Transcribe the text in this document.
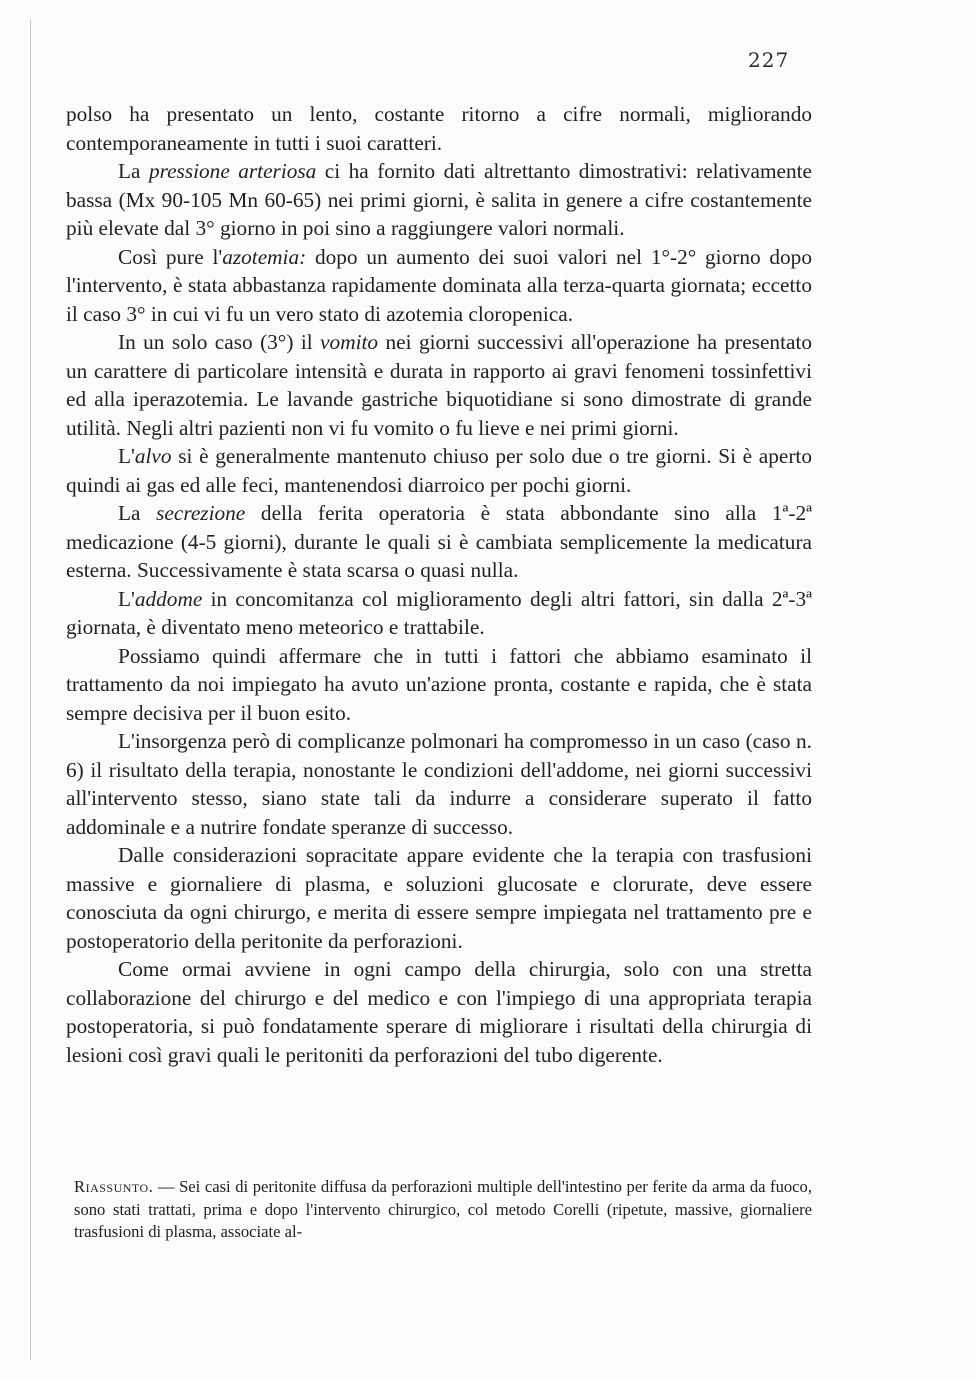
227

polso ha presentato un lento, costante ritorno a cifre normali, migliorando contemporaneamente in tutti i suoi caratteri.

La pressione arteriosa ci ha fornito dati altrettanto dimostrativi: relativamente bassa (Mx 90-105 Mn 60-65) nei primi giorni, è salita in genere a cifre costantemente più elevate dal 3° giorno in poi sino a raggiungere valori normali.

Così pure l'azotemia: dopo un aumento dei suoi valori nel 1°-2° giorno dopo l'intervento, è stata abbastanza rapidamente dominata alla terza-quarta giornata; eccetto il caso 3° in cui vi fu un vero stato di azotemia cloropenica.

In un solo caso (3°) il vomito nei giorni successivi all'operazione ha presentato un carattere di particolare intensità e durata in rapporto ai gravi fenomeni tossinfettivi ed alla iperazotemia. Le lavande gastriche biquotidiane si sono dimostrate di grande utilità. Negli altri pazienti non vi fu vomito o fu lieve e nei primi giorni.

L'alvo si è generalmente mantenuto chiuso per solo due o tre giorni. Si è aperto quindi ai gas ed alle feci, mantenendosi diarroico per pochi giorni.

La secrezione della ferita operatoria è stata abbondante sino alla 1ª-2ª medicazione (4-5 giorni), durante le quali si è cambiata semplicemente la medicatura esterna. Successivamente è stata scarsa o quasi nulla.

L'addome in concomitanza col miglioramento degli altri fattori, sin dalla 2ª-3ª giornata, è diventato meno meteorico e trattabile.

Possiamo quindi affermare che in tutti i fattori che abbiamo esaminato il trattamento da noi impiegato ha avuto un'azione pronta, costante e rapida, che è stata sempre decisiva per il buon esito.

L'insorgenza però di complicanze polmonari ha compromesso in un caso (caso n. 6) il risultato della terapia, nonostante le condizioni dell'addome, nei giorni successivi all'intervento stesso, siano state tali da indurre a considerare superato il fatto addominale e a nutrire fondate speranze di successo.

Dalle considerazioni sopracitate appare evidente che la terapia con trasfusioni massive e giornaliere di plasma, e soluzioni glucosate e clorurate, deve essere conosciuta da ogni chirurgo, e merita di essere sempre impiegata nel trattamento pre e postoperatorio della peritonite da perforazioni.

Come ormai avviene in ogni campo della chirurgia, solo con una stretta collaborazione del chirurgo e del medico e con l'impiego di una appropriata terapia postoperatoria, si può fondatamente sperare di migliorare i risultati della chirurgia di lesioni così gravi quali le peritoniti da perforazioni del tubo digerente.

Riassunto. — Sei casi di peritonite diffusa da perforazioni multiple dell'intestino per ferite da arma da fuoco, sono stati trattati, prima e dopo l'intervento chirurgico, col metodo Corelli (ripetute, massive, giornaliere trasfusioni di plasma, associate al-
